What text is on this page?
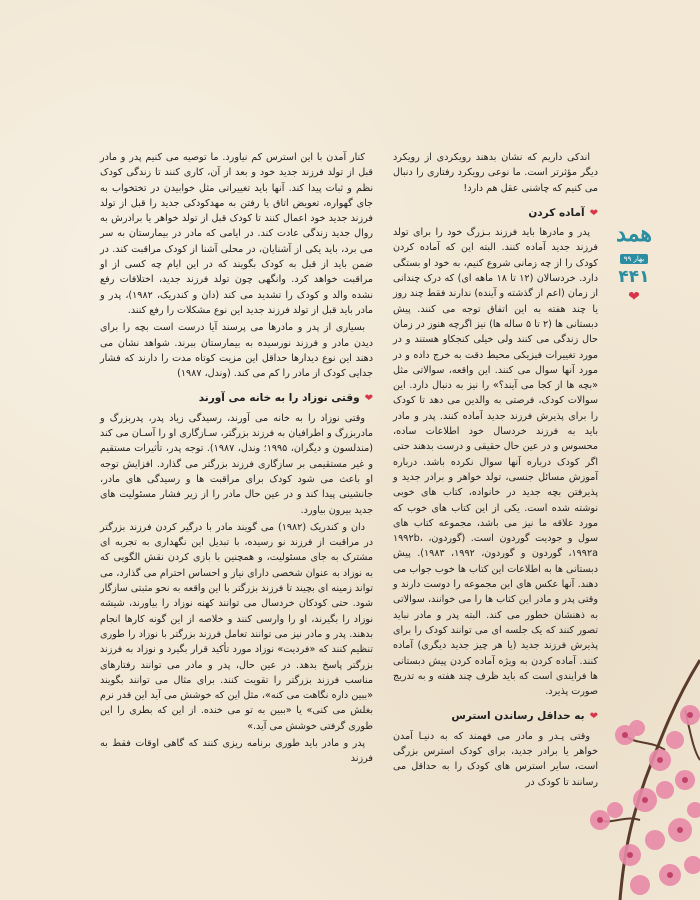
همد
بهار ۹۹
۴۴۱
❤

اندکی داریم که نشان بدهند رویکردی از رویکرد دیگر مؤثرتر است. ما نوعی رویکرد رفتاری را دنبال می کنیم که چاشنی عقل هم دارد!

❤
آماده کردن

پدر و مادرها باید فرزند بـزرگ خود را برای تولد فرزند جدید آماده کنند. البته این که آماده کردن کودک را از چه زمانی شروع کنیم، به خود او بستگی دارد. خردسالان (۱۲ تا ۱۸ ماهه ای) که درک چندانی از زمان (اعم از گذشته و آینده) ندارند فقط چند روز یا چند هفته به این اتفاق توجه می کنند. پیش دبستانی ها (۲ تا ۵ ساله ها) نیز اگرچه هنوز در زمان حال زندگی می کنند ولی خیلی کنجکاو هستند و در مورد تغییرات فیزیکی محیط دقت به خرج داده و در مورد آنها سوال می کنند. این واقعه، سوالاتی مثل «بچه ها از کجا می آیند؟» را نیز به دنبال دارد. این سوالات کودک، فرصتی به والدین می دهد تا کودک را برای پذیرش فرزند جدید آماده کنند. پدر و مادر باید به فرزند خردسال خود اطلاعات ساده، محسوس و در عین حال حقیقی و درست بدهند حتی اگر کودک درباره آنها سوال نکرده باشد. درباره آموزش مسائل جنسی، تولد خواهر و برادر جدید و پذیرفتن بچه جدید در خانواده، کتاب های خوبی نوشته شده است. یکی از این کتاب های خوب که مورد علاقه ما نیز می باشد، مجموعه کتاب های سول و جودیت گوردون است. (گوردون، ۱۹۹۲b، ۱۹۹۲a، گوردون و گوردون، ۱۹۹۲، ۱۹۸۳). پیش دبستانی ها به اطلاعات این کتاب ها خوب جواب می دهند. آنها عکس های این مجموعه را دوست دارند و وقتی پدر و مادر این کتاب ها را می خوانند، سوالاتی به ذهنشان خطور می کند. البته پدر و مادر نباید تصور کنند که یک جلسه ای می توانند کودک را برای پذیرش فرزند جدید (یا هر چیز جدید دیگری) آماده کنند. آماده کردن به ویژه آماده کردن پیش دبستانی ها فرایندی است که باید ظرف چند هفته و به تدریج صورت پذیرد.

❤
به حداقل رساندن استرس

وقتی پـدر و مادر می فهمند که به دنیـا آمدن خواهر یا برادر جدید، برای کودک استرس بزرگی است، سایر استرس های کودک را به حداقل می رسانند تا کودک در

کنار آمدن با این استرس کم نیاورد. ما توصیه می کنیم پدر و مادر قبل از تولد فرزند جدید خود و بعد از آن، کاری کنند تا زندگی کودک نظم و ثبات پیدا کند. آنها باید تغییراتی مثل خوابیدن در تختخواب به جای گهواره، تعویض اتاق یا رفتن به مهدکودکی جدید را قبل از تولد فرزند جدید خود اعمال کنند تا کودک قبل از تولد خواهر یا برادرش به روال جدید زندگی عادت کند. در ایامی که مادر در بیمارستان به سر می برد، باید یکی از آشنایان، در محلی آشنا از کودک مراقبت کند. در ضمن باید از قبل به کودک بگویند که در این ایام چه کسی از او مراقبت خواهد کرد. وانگهی چون تولد فرزند جدید، اختلافات رفع نشده والد و کودک را تشدید می کند (دان و کندریک، ۱۹۸۲)، پدر و مادر باید قبل از تولد فرزند جدید این نوع مشکلات را رفع کنند.

بسیاری از پدر و مادرها می پرسند آیا درست است بچه را برای دیدن مادر و فرزند نورسیده به بیمارستان ببرند. شواهد نشان می دهند این نوع دیدارها حداقل این مزیت کوتاه مدت را دارند که فشار جدایی کودک از مادر را کم می کند. (وندل، ۱۹۸۷)

❤
وقتی نوزاد را به خانه می آورند

وقتی نوزاد را به خانه می آورند، رسیدگی زیاد پدر، پدربزرگ و مادربزرگ و اطرافیان به فرزند بزرگتر، سـازگاری او را آسـان می کند (مندلسون و دیگران، ۱۹۹۵؛ وندل، ۱۹۸۷). توجه پدر، تأثیرات مستقیم و غیر مستقیمی بر سازگاری فرزند بزرگتر می گذارد. افزایش توجه او باعث می شود کودک برای مراقبت ها و رسیدگی های مادر، جانشینی پیدا کند و در عین حال مادر را از زیر فشار مسئولیت های جدید بیرون بیاورد.

دان و کندریک (۱۹۸۲) می گویند مادر با درگیر کردن فرزند بزرگتر در مراقبت از فرزند نو رسیده، با تبدیل این نگهداری به تجربه ای مشترک به جای مسئولیت، و همچنین با بازی کردن نقش الگویی که به نوزاد به عنوان شخصی دارای نیاز و احساس احترام می گذارد، می تواند زمینه ای بچیند تا فرزند بزرگتر با این واقعه به نحو مثبتی سازگار شود. حتی کودکان خردسال می توانند کهنه نوزاد را بیاورند، شیشه نوزاد را بگیرند، او را وارسی کنند و خلاصه از این گونه کارها انجام بدهند. پدر و مادر نیز می توانند تعامل فرزند بزرگتر با نوزاد را طوری تنظیم کنند که «فردیت» نوزاد مورد تأکید قرار بگیرد و نوزاد به فرزند بزرگتر پاسخ بدهد. در عین حال، پدر و مادر می توانند رفتارهای مناسب فرزند بزرگتر را تقویت کنند. برای مثال می توانند بگویند «ببین داره نگاهت می کنه»، مثل این که خوشش می آید این قدر نرم بغلش می کنی» یا «ببین به تو می خنده. از این که بطری را این طوری گرفتی خوشش می آید.»

پدر و مادر باید طوری برنامه ریزی کنند که گاهی اوقات فقط به فرزند
